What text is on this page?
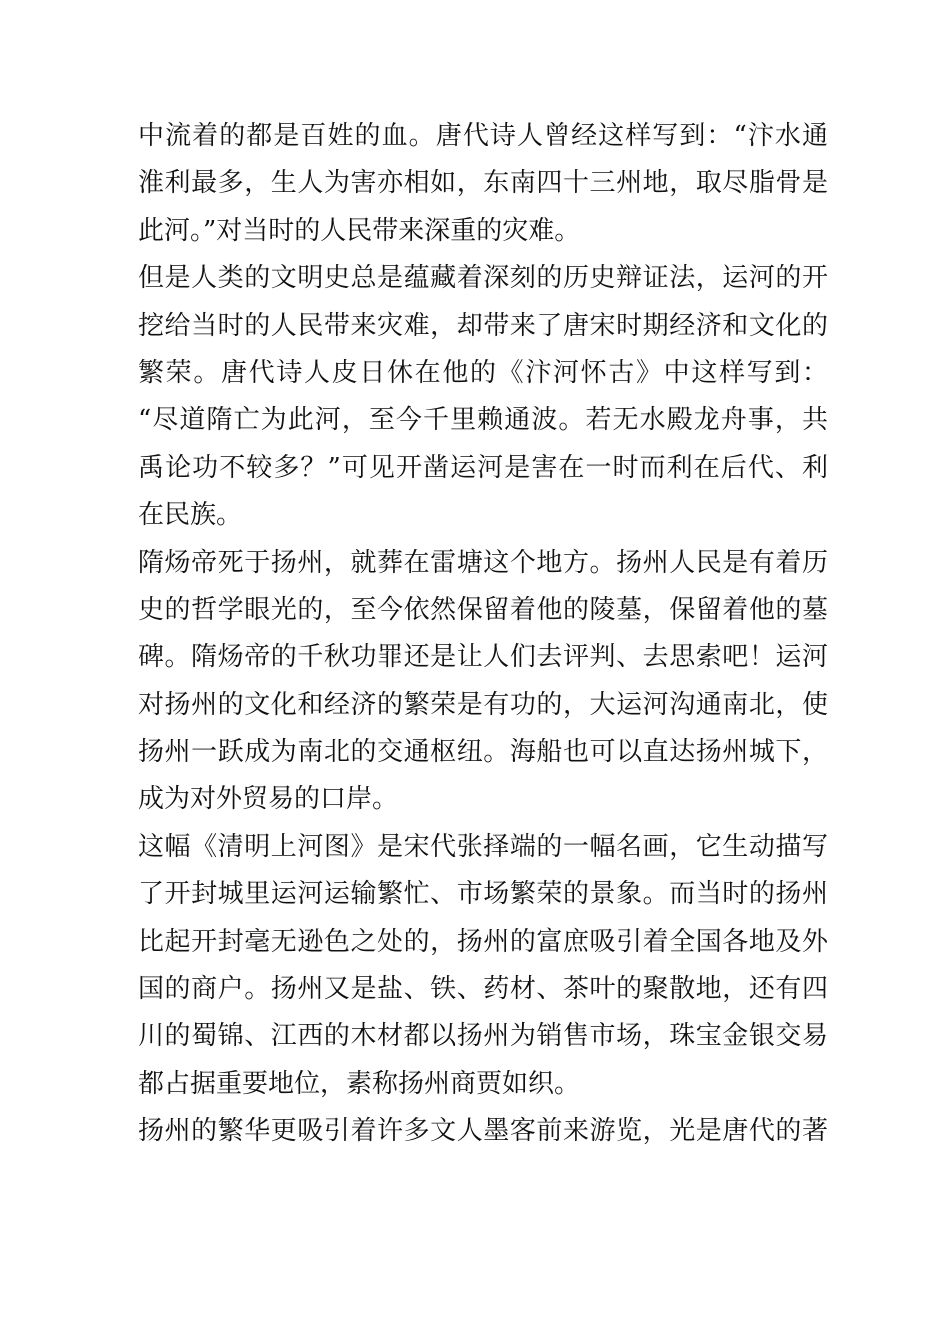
中流着的都是百姓的血。唐代诗人曾经这样写到：“汴水通
淮利最多，生人为害亦相如，东南四十三州地，取尽脂骨是
此河。”对当时的人民带来深重的灾难。
但是人类的文明史总是蕴藏着深刻的历史辩证法，运河的开
挖给当时的人民带来灾难，却带来了唐宋时期经济和文化的
繁荣。唐代诗人皮日休在他的《汴河怀古》中这样写到：
“尽道隋亡为此河，至今千里赖通波。若无水殿龙舟事，共
禹论功不较多？”可见开凿运河是害在一时而利在后代、利
在民族。
隋炀帝死于扬州，就葬在雷塘这个地方。扬州人民是有着历
史的哲学眼光的，至今依然保留着他的陵墓，保留着他的墓
碑。隋炀帝的千秋功罪还是让人们去评判、去思索吧！运河
对扬州的文化和经济的繁荣是有功的，大运河沟通南北，使
扬州一跃成为南北的交通枢纽。海船也可以直达扬州城下，
成为对外贸易的口岸。
这幅《清明上河图》是宋代张择端的一幅名画，它生动描写
了开封城里运河运输繁忙、市场繁荣的景象。而当时的扬州
比起开封毫无逊色之处的，扬州的富庶吸引着全国各地及外
国的商户。扬州又是盐、铁、药材、茶叶的聚散地，还有四
川的蜀锦、江西的木材都以扬州为销售市场，珠宝金银交易
都占据重要地位，素称扬州商贾如织。
扬州的繁华更吸引着许多文人墨客前来游览，光是唐代的著
